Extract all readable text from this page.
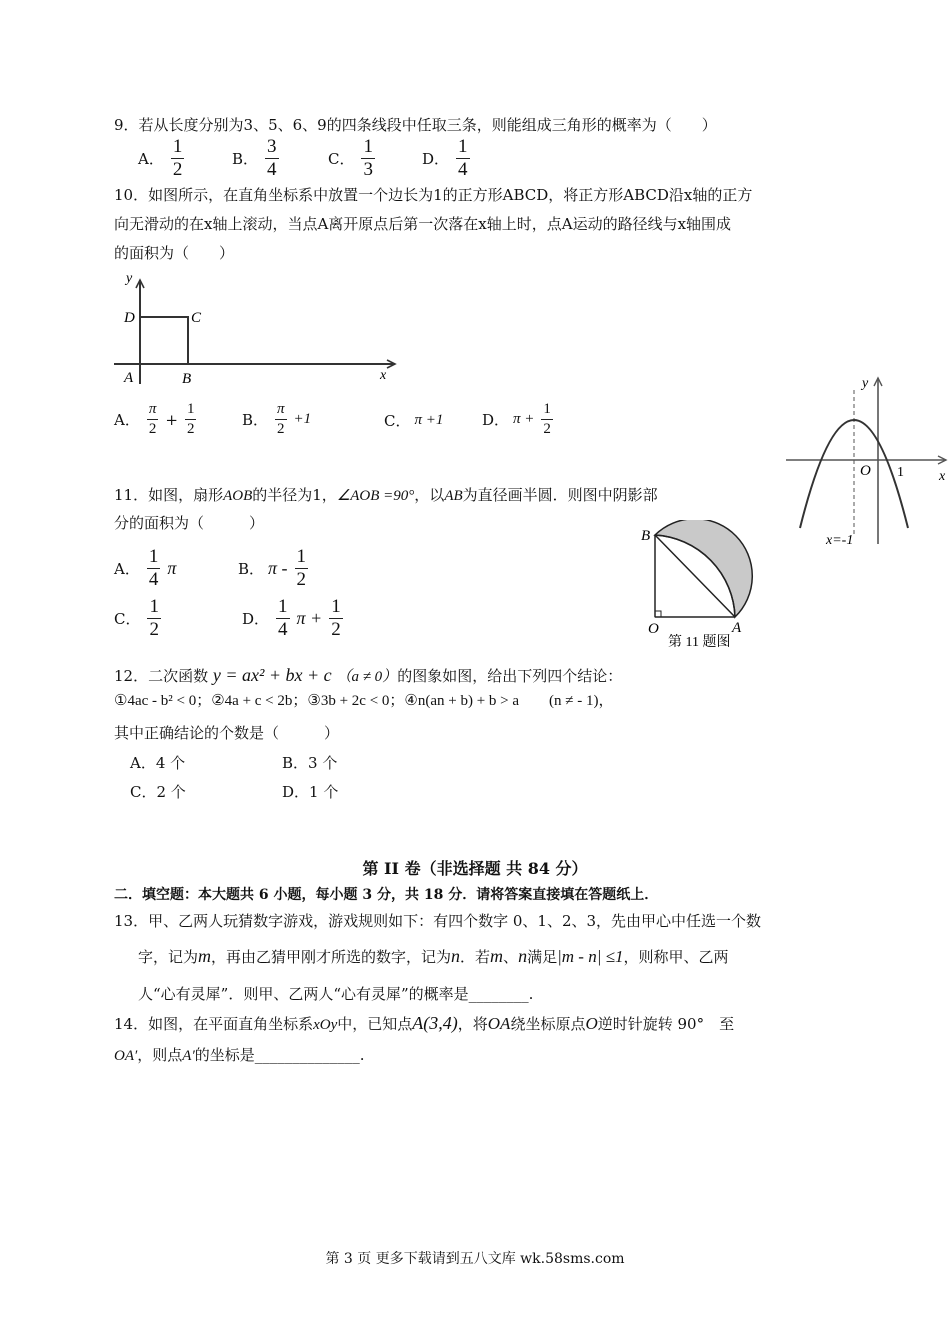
9．若从长度分别为3、5、6、9的四条线段中任取三条，则能组成三角形的概率为（　　）
A． $\frac{1}{2}$	B． $\frac{3}{4}$	C． $\frac{1}{3}$	D． $\frac{1}{4}$
10．如图所示，在直角坐标系中放置一个边长为1的正方形ABCD，将正方形ABCD沿x轴的正方
向无滑动的在x轴上滚动，当点A离开原点后第一次落在x轴上时，点A运动的路径线与x轴围成
的面积为（　　）
y
x
D	C
A	B
A． $\frac{\pi}{2} + \frac{1}{2}$	B． $\frac{\pi}{2} +1$	C． π +1	D． $\pi + \frac{1}{2}$
y
x
O 1
x=-1
11．如图，扇形AOB的半径为1，∠AOB =90°，以AB为直径画半圆．则图中阴影部
分的面积为（　　　）
A． $\frac{1}{4}$ π	B． π - $\frac{1}{2}$
C． $\frac{1}{2}$	D． $\frac{1}{4}$ $\pi + \frac{1}{2}$
B
O	A
第 11 题图
12．二次函数 y = ax² + bx + c （a ≠ 0）的图象如图，给出下列四个结论：
①4ac - b² < 0；②4a + c < 2b；③3b + 2c < 0；④n(an + b) + b > a　　(n ≠ - 1)，
其中正确结论的个数是（　　　）
A．4 个	B．3 个
C．2 个	D．1 个
第 II 卷（非选择题 共 84 分）
二．填空题：本大题共 6 小题，每小题 3 分，共 18 分．请将答案直接填在答题纸上．
13．甲、乙两人玩猜数字游戏，游戏规则如下：有四个数字 0、1、2、3，先由甲心中任选一个数
字，记为m，再由乙猜甲刚才所选的数字，记为n．若m、n满足|m - n| ≤1，则称甲、乙两
人“心有灵犀”．则甲、乙两人“心有灵犀”的概率是________.
14．如图，在平面直角坐标系xOy中，已知点A(3,4)，将OA绕坐标原点O逆时针旋转 90°　至
OA′，则点A′的坐标是______________.
第 3 页 更多下载请到五八文库 wk.58sms.com
